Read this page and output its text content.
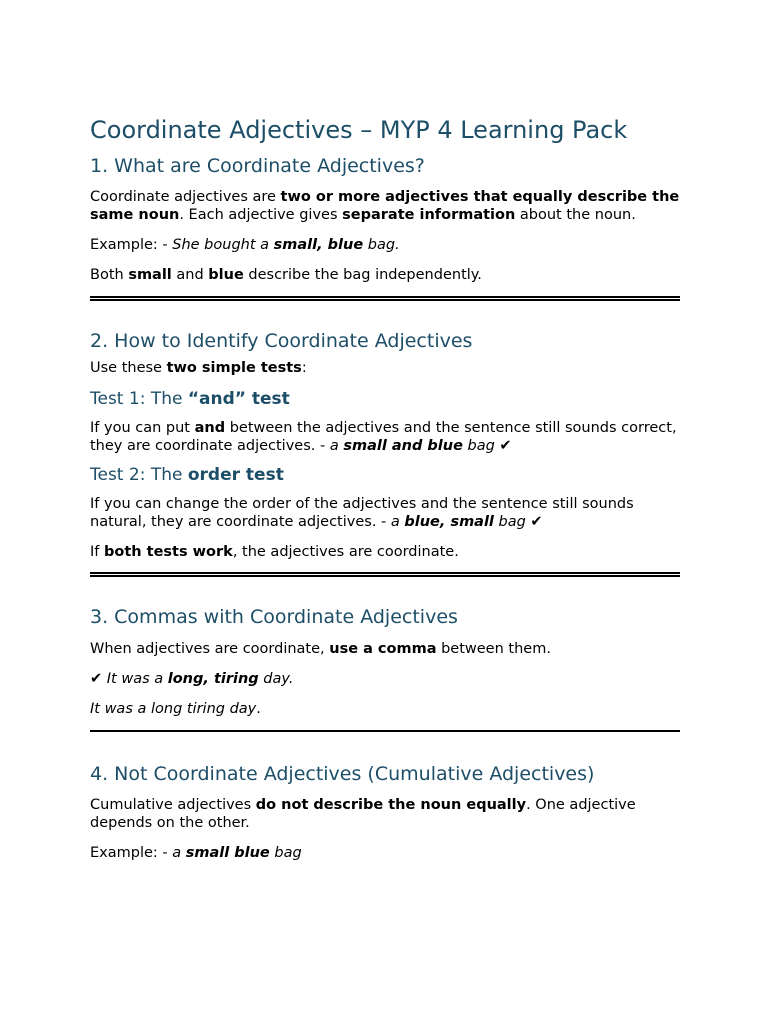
Coordinate Adjectives – MYP 4 Learning Pack
1. What are Coordinate Adjectives?

Coordinate adjectives are two or more adjectives that equally describe the same noun. Each adjective gives separate information about the noun.

Example: - She bought a small, blue bag.

Both small and blue describe the bag independently.

2. How to Identify Coordinate Adjectives

Use these two simple tests:

Test 1: The “and” test

If you can put and between the adjectives and the sentence still sounds correct, they are coordinate adjectives. - a small and blue bag ✔

Test 2: The order test

If you can change the order of the adjectives and the sentence still sounds natural, they are coordinate adjectives. - a blue, small bag ✔

If both tests work, the adjectives are coordinate.

3. Commas with Coordinate Adjectives

When adjectives are coordinate, use a comma between them.

✔ It was a long, tiring day.

It was a long tiring day.

4. Not Coordinate Adjectives (Cumulative Adjectives)

Cumulative adjectives do not describe the noun equally. One adjective depends on the other.

Example: - a small blue bag
